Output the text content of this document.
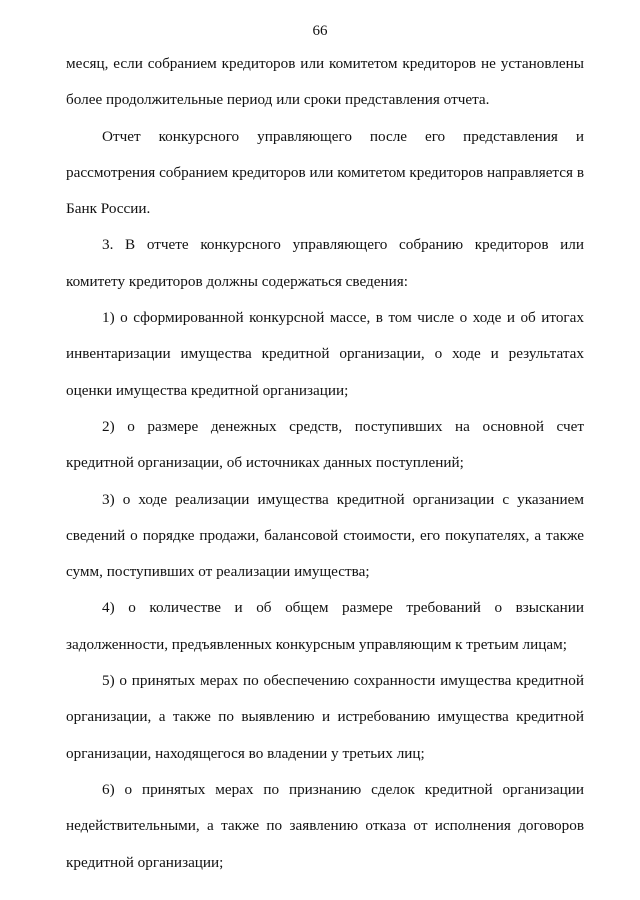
66

месяц, если собранием кредиторов или комитетом кредиторов не установлены более продолжительные период или сроки представления отчета.

Отчет конкурсного управляющего после его представления и рассмотрения собранием кредиторов или комитетом кредиторов направляется в Банк России.

3. В отчете конкурсного управляющего собранию кредиторов или комитету кредиторов должны содержаться сведения:

1) о сформированной конкурсной массе, в том числе о ходе и об итогах инвентаризации имущества кредитной организации, о ходе и результатах оценки имущества кредитной организации;

2) о размере денежных средств, поступивших на основной счет кредитной организации, об источниках данных поступлений;

3) о ходе реализации имущества кредитной организации с указанием сведений о порядке продажи, балансовой стоимости, его покупателях, а также сумм, поступивших от реализации имущества;

4) о количестве и об общем размере требований о взыскании задолженности, предъявленных конкурсным управляющим к третьим лицам;

5) о принятых мерах по обеспечению сохранности имущества кредитной организации, а также по выявлению и истребованию имущества кредитной организации, находящегося во владении у третьих лиц;

6) о принятых мерах по признанию сделок кредитной организации недействительными, а также по заявлению отказа от исполнения договоров кредитной организации;
